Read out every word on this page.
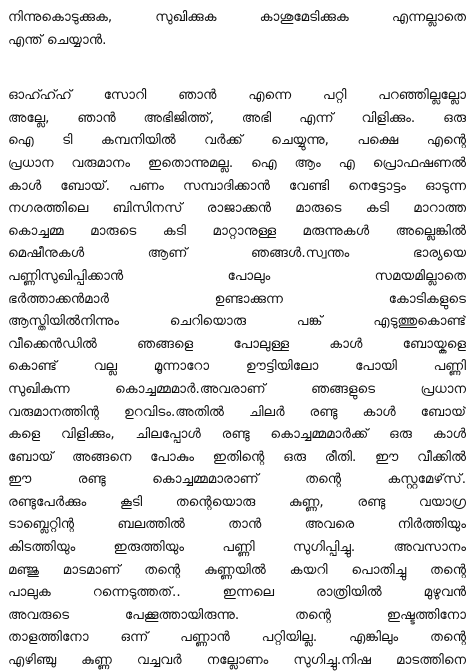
നിന്നുകൊടുക്കുക, സുഖിക്കുക കാശുമേടിക്കുക എന്നല്ലാതെ
എന്ത് ചെയ്യാൻ.
ഓഹ്ഹ്ഹ് സോറി ഞാൻ എന്നെ പറ്റി പറഞ്ഞില്ലല്ലോ
അല്ലേ, ഞാൻ അഭിജിത്ത്, അഭി എന്ന് വിളിക്കും. ഒരു
ഐ ടി കമ്പനിയിൽ വർക്ക് ചെയ്യുന്നു, പക്ഷെ എന്റെ
പ്രധാന വരുമാനം ഇതൊന്നുമല്ല. ഐ ആം എ പ്രൊഫഷണൽ
കാൾ ബോയ്. പണം സമ്പാദിക്കാൻ വേണ്ടി നെട്ടോട്ടം ഓടുന്ന
നഗരത്തിലെ ബിസിനസ് രാജാക്കൻ മാരുടെ കടി മാറാത്ത
കൊച്ചമ്മ മാരുടെ കടി മാറ്റാനുള്ള മരുന്നുകൾ അല്ലെങ്കിൽ
മെഷീനുകൾ ആണ് ഞങ്ങൾ.സ്വന്തം ഭാര്യയെ
പണ്ണിസുഖിപ്പിക്കാൻ പോലും സമയമില്ലാതെ
ഭർത്താക്കൻമാർ ഉണ്ടാക്കുന്ന കോടികളുടെ
ആസ്തിയിൽനിന്നും ചെറിയൊരു പങ്ക് എടുത്തുകൊണ്ട്
വീക്കെൻഡിൽ ഞങ്ങളെ പോലുള്ള കാൾ ബോയ്കളെ
കൊണ്ട് വല്ല മൂന്നാറോ ഊട്ടിയിലോ പോയി പണ്ണി
സുഖികുന്ന കൊച്ചമ്മമാർ.അവരാണ് ഞങ്ങളുടെ പ്രധാന
വരുമാനത്തിന്റ ഉറവിടം.അതിൽ ചിലർ രണ്ടു കാൾ ബോയ്
കളെ വിളിക്കും, ചിലപ്പോൾ രണ്ടു കൊച്ചമ്മമാർക്ക് ഒരു കാൾ
ബോയ് അങ്ങനെ പോകും ഇതിന്റെ ഒരു രീതി. ഈ വീക്കിൽ
ഈ രണ്ടു കൊച്ചമ്മമാരാണ് തന്റെ കസ്റ്റമേഴ്‌സ്.
രണ്ടുപേർക്കും കൂടി തന്റെയൊരു കുണ്ണ, രണ്ടു വയാഗ്ര
ടാബ്ലെറ്റിന്റ ബലത്തിൽ താൻ അവരെ നിർത്തിയും
കിടത്തിയും ഇരുത്തിയും പണ്ണി സുഗിപ്പിച്ചു. അവസാനം
മഞ്ജു മാടമാണ് തന്റെ കുണ്ണയിൽ കയറി പൊതിച്ചു തന്റെ
പാലുക റന്നെടുത്തത്.. ഇന്നലെ രാത്രിയിൽ മുഴുവൻ
അവരുടെ പേക്കൂത്തായിരുന്നു. തന്റെ ഇഷ്ടത്തിനോ
താളത്തിനോ ഒന്ന് പണ്ണാൻ പറ്റിയില്ല. എങ്കിലും തന്റെ
എഴിഞ്ചു കുണ്ണ വച്ചവർ നല്ലോണം സുഗിച്ചു.നിഷ മാടത്തിനെ
